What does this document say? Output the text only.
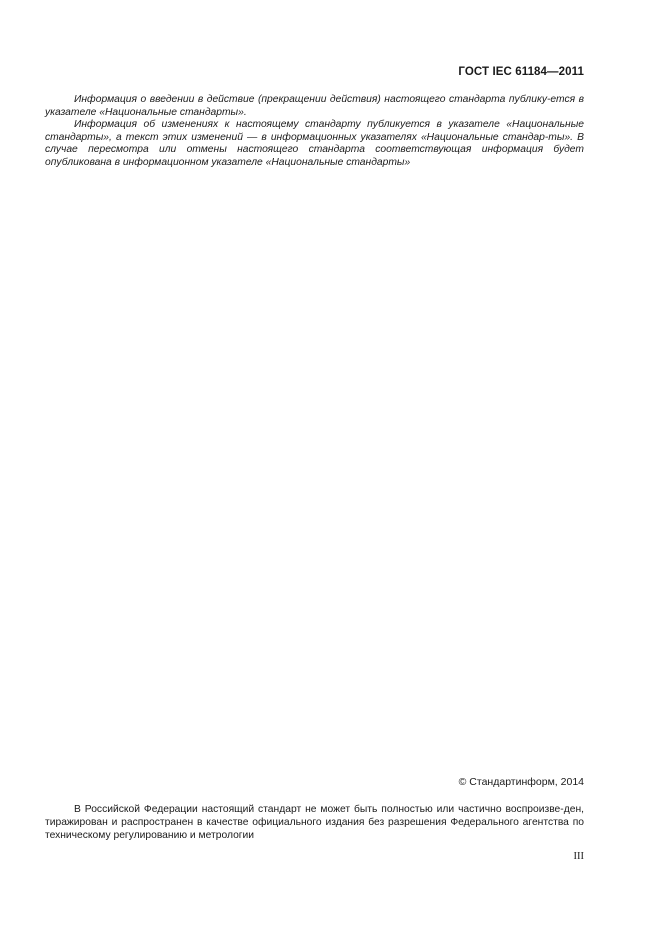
ГОСТ IEC 61184—2011

Информация о введении в действие (прекращении действия) настоящего стандарта публику-ется в указателе «Национальные стандарты».

Информация об изменениях к настоящему стандарту публикуется в указателе «Национальные стандарты», а текст этих изменений — в информационных указателях «Национальные стандар-ты». В случае пересмотра или отмены настоящего стандарта соответствующая информация будет опубликована в информационном указателе «Национальные стандарты»

© Стандартинформ, 2014

В Российской Федерации настоящий стандарт не может быть полностью или частично воспроизве-ден, тиражирован и распространен в качестве официального издания без разрешения Федерального агентства по техническому регулированию и метрологии

III
